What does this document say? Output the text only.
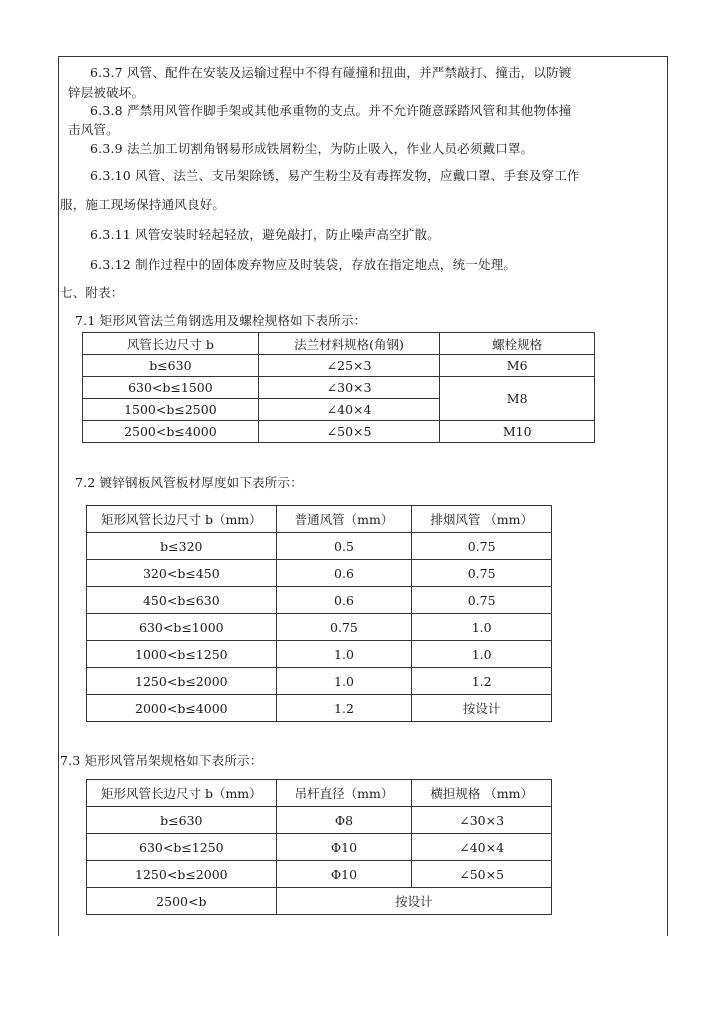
6.3.7 风管、配件在安装及运输过程中不得有碰撞和扭曲，并严禁敲打、撞击，以防镀
锌层被破坏。
6.3.8 严禁用风管作脚手架或其他承重物的支点。并不允许随意踩踏风管和其他物体撞
击风管。
6.3.9 法兰加工切割角钢易形成铁屑粉尘，为防止吸入，作业人员必须戴口罩。
6.3.10 风管、法兰、支吊架除锈，易产生粉尘及有毒挥发物，应戴口罩、手套及穿工作
服，施工现场保持通风良好。
6.3.11 风管安装时轻起轻放，避免敲打，防止噪声高空扩散。
6.3.12 制作过程中的固体废弃物应及时装袋，存放在指定地点，统一处理。
七、附表：
7.1 矩形风管法兰角钢选用及螺栓规格如下表所示：
风管长边尺寸 b	法兰材料规格(角钢)	螺栓规格
b≤630	∠25×3	M6
630<b≤1500	∠30×3	M8
1500<b≤2500	∠40×4	
2500<b≤4000	∠50×5	M10
7.2 镀锌钢板风管板材厚度如下表所示：
矩形风管长边尺寸 b（mm）	普通风管（mm）	排烟风管 （mm）
b≤320	0.5	0.75
320<b≤450	0.6	0.75
450<b≤630	0.6	0.75
630<b≤1000	0.75	1.0
1000<b≤1250	1.0	1.0
1250<b≤2000	1.0	1.2
2000<b≤4000	1.2	按设计
7.3 矩形风管吊架规格如下表所示：
矩形风管长边尺寸 b（mm）	吊杆直径（mm）	横担规格 （mm）
b≤630	Φ8	∠30×3
630<b≤1250	Φ10	∠40×4
1250<b≤2000	Φ10	∠50×5
2500<b	按设计	
